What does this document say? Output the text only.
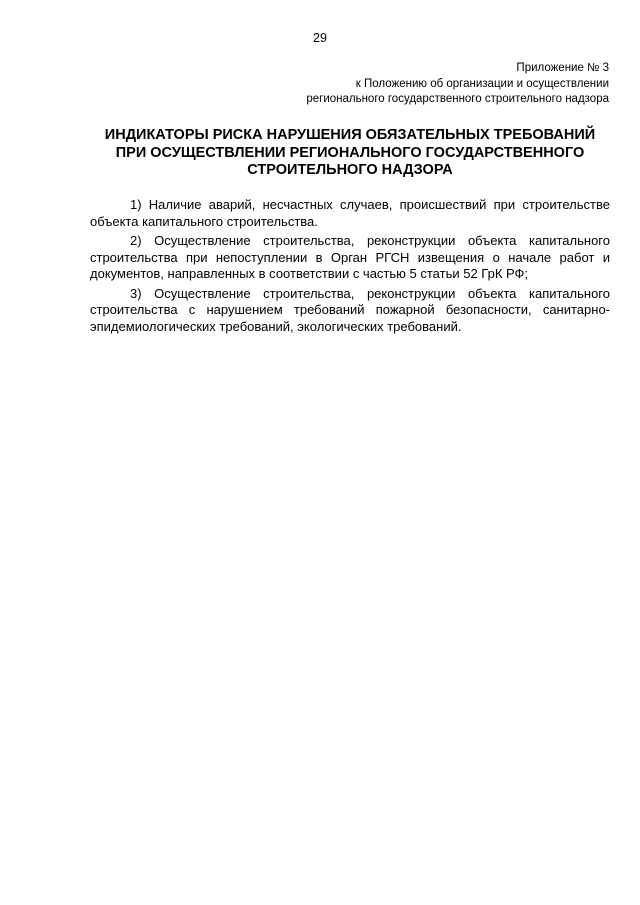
29
Приложение № 3
к Положению об организации и осуществлении
регионального государственного строительного надзора
ИНДИКАТОРЫ РИСКА НАРУШЕНИЯ ОБЯЗАТЕЛЬНЫХ ТРЕБОВАНИЙ
ПРИ ОСУЩЕСТВЛЕНИИ РЕГИОНАЛЬНОГО ГОСУДАРСТВЕННОГО
СТРОИТЕЛЬНОГО НАДЗОРА

1) Наличие аварий, несчастных случаев, происшествий при строительстве объекта капитального строительства.

2) Осуществление строительства, реконструкции объекта капитального строительства при непоступлении в Орган РГСН извещения о начале работ и документов, направленных в соответствии с частью 5 статьи 52 ГрК РФ;

3) Осуществление строительства, реконструкции объекта капитального строительства с нарушением требований пожарной безопасности, санитарно-эпидемиологических требований, экологических требований.
